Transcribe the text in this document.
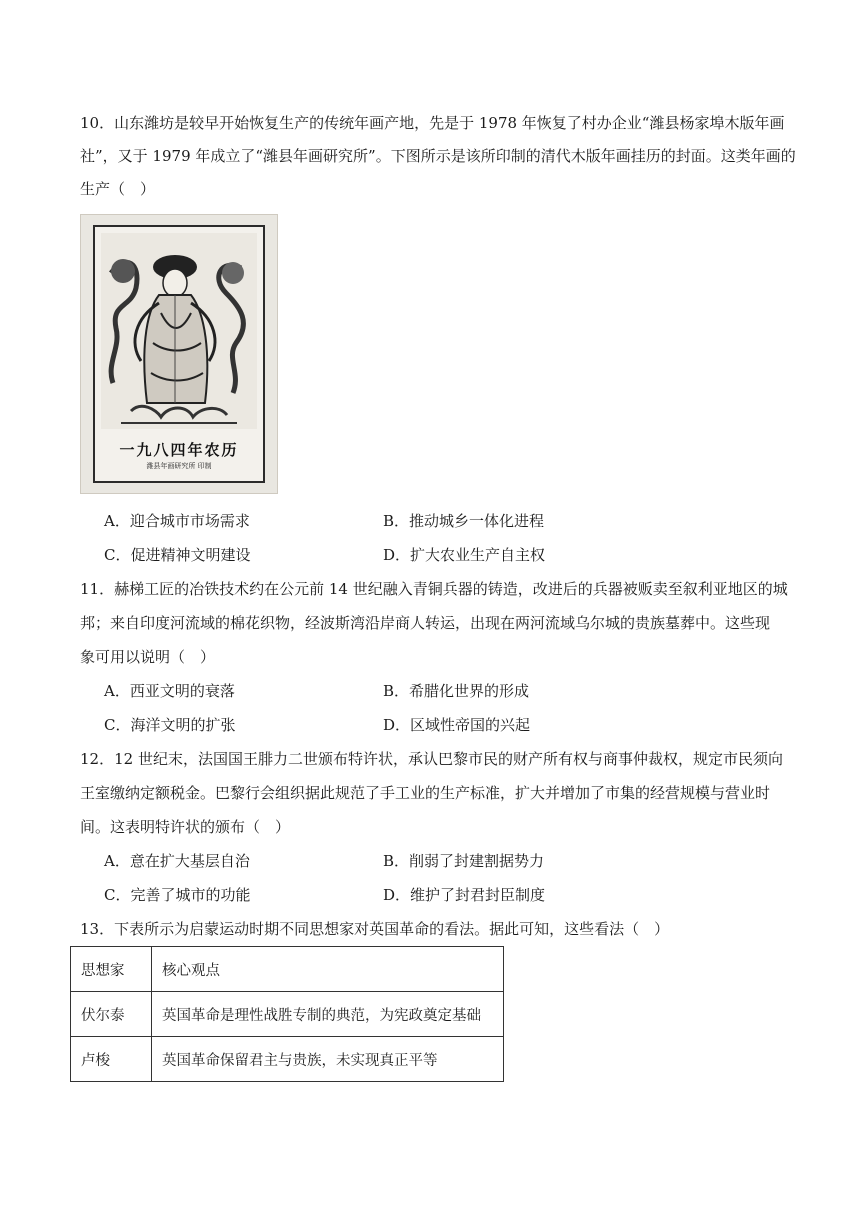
10．山东潍坊是较早开始恢复生产的传统年画产地，先是于 1978 年恢复了村办企业“潍县杨家埠木版年画
社”，又于 1979 年成立了“潍县年画研究所”。下图所示是该所印制的清代木版年画挂历的封面。这类年画的
生产（　）
一九八四年农历
潍县年画研究所 印制
A．迎合城市市场需求	B．推动城乡一体化进程
C．促进精神文明建设	D．扩大农业生产自主权
11．赫梯工匠的冶铁技术约在公元前 14 世纪融入青铜兵器的铸造，改进后的兵器被贩卖至叙利亚地区的城
邦；来自印度河流域的棉花织物，经波斯湾沿岸商人转运，出现在两河流域乌尔城的贵族墓葬中。这些现
象可用以说明（　）
A．西亚文明的衰落	B．希腊化世界的形成
C．海洋文明的扩张	D．区域性帝国的兴起
12．12 世纪末，法国国王腓力二世颁布特许状，承认巴黎市民的财产所有权与商事仲裁权，规定市民须向
王室缴纳定额税金。巴黎行会组织据此规范了手工业的生产标准，扩大并增加了市集的经营规模与营业时
间。这表明特许状的颁布（　）
A．意在扩大基层自治	B．削弱了封建割据势力
C．完善了城市的功能	D．维护了封君封臣制度
13．下表所示为启蒙运动时期不同思想家对英国革命的看法。据此可知，这些看法（　）
思想家	核心观点
伏尔泰	英国革命是理性战胜专制的典范，为宪政奠定基础
卢梭	英国革命保留君主与贵族，未实现真正平等
